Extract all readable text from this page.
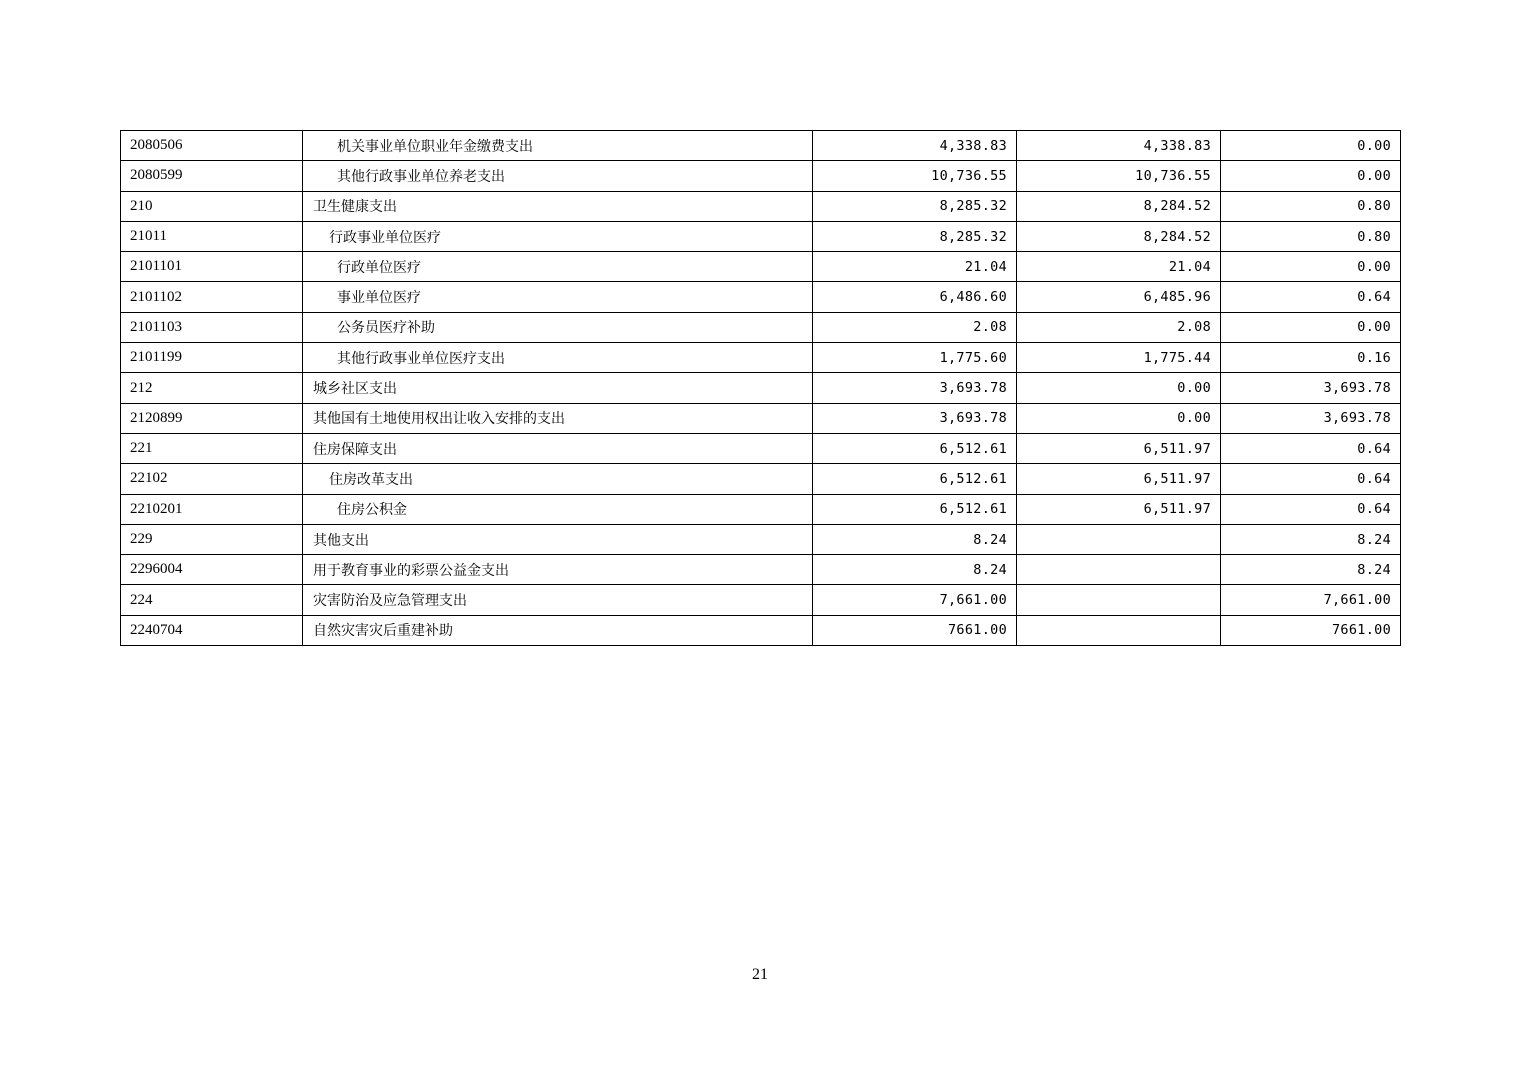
2080506	机关事业单位职业年金缴费支出	4,338.83	4,338.83	0.00
2080599	其他行政事业单位养老支出	10,736.55	10,736.55	0.00
210	卫生健康支出	8,285.32	8,284.52	0.80
21011	行政事业单位医疗	8,285.32	8,284.52	0.80
2101101	行政单位医疗	21.04	21.04	0.00
2101102	事业单位医疗	6,486.60	6,485.96	0.64
2101103	公务员医疗补助	2.08	2.08	0.00
2101199	其他行政事业单位医疗支出	1,775.60	1,775.44	0.16
212	城乡社区支出	3,693.78	0.00	3,693.78
2120899	其他国有土地使用权出让收入安排的支出	3,693.78	0.00	3,693.78
221	住房保障支出	6,512.61	6,511.97	0.64
22102	住房改革支出	6,512.61	6,511.97	0.64
2210201	住房公积金	6,512.61	6,511.97	0.64
229	其他支出	8.24		8.24
2296004	用于教育事业的彩票公益金支出	8.24		8.24
224	灾害防治及应急管理支出	7,661.00		7,661.00
2240704	自然灾害灾后重建补助	7661.00		7661.00
21
